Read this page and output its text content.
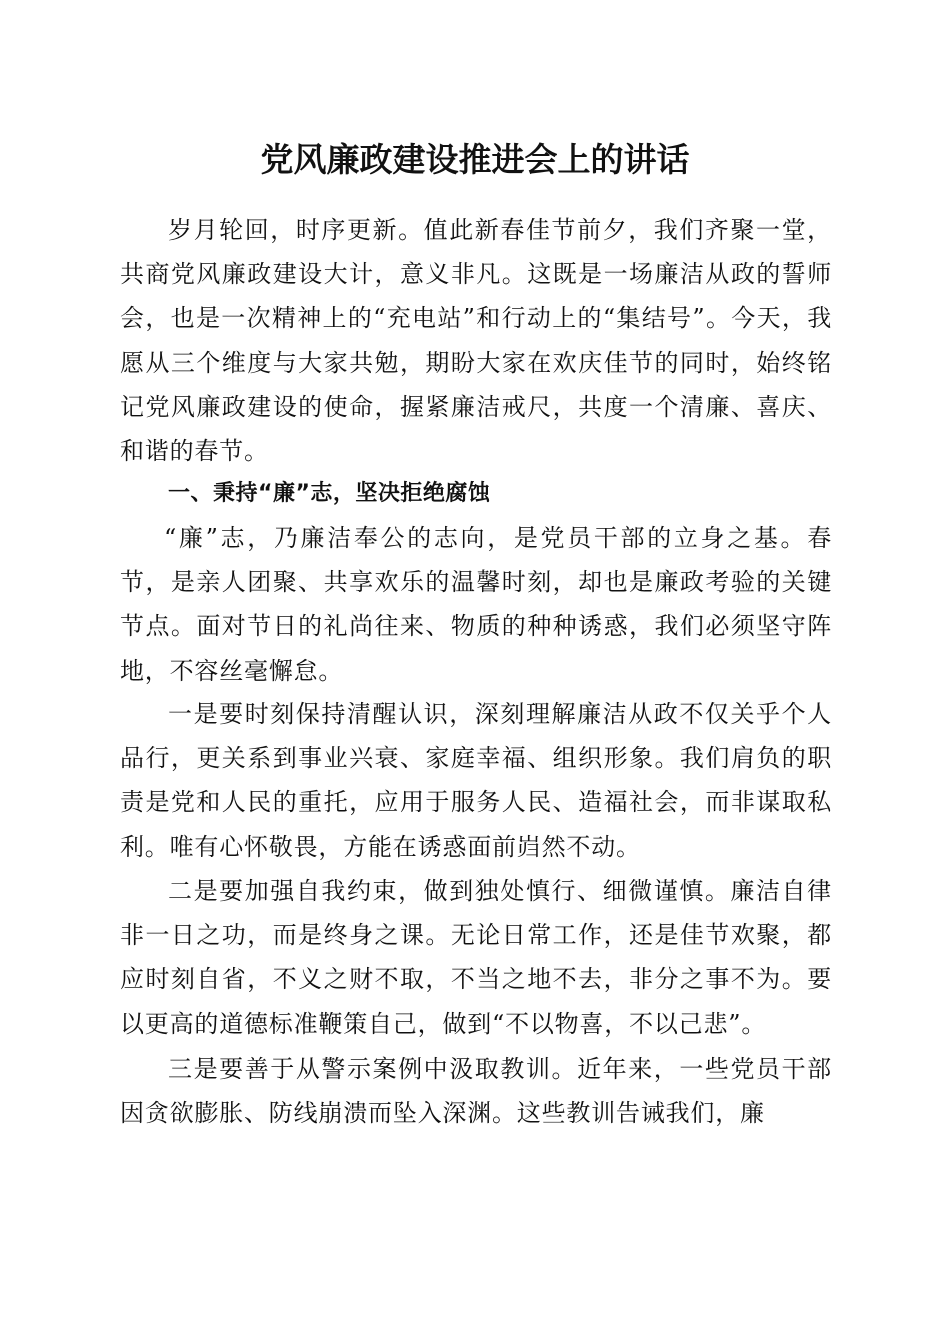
党风廉政建设推进会上的讲话
岁月轮回，时序更新。值此新春佳节前夕，我们齐聚一堂，共商党风廉政建设大计，意义非凡。这既是一场廉洁从政的誓师会，也是一次精神上的“充电站”和行动上的“集结号”。今天，我愿从三个维度与大家共勉，期盼大家在欢庆佳节的同时，始终铭记党风廉政建设的使命，握紧廉洁戒尺，共度一个清廉、喜庆、和谐的春节。
一、秉持“廉”志，坚决拒绝腐蚀
“廉”志，乃廉洁奉公的志向，是党员干部的立身之基。春节，是亲人团聚、共享欢乐的温馨时刻，却也是廉政考验的关键节点。面对节日的礼尚往来、物质的种种诱惑，我们必须坚守阵地，不容丝毫懈怠。
一是要时刻保持清醒认识，深刻理解廉洁从政不仅关乎个人品行，更关系到事业兴衰、家庭幸福、组织形象。我们肩负的职责是党和人民的重托，应用于服务人民、造福社会，而非谋取私利。唯有心怀敬畏，方能在诱惑面前岿然不动。
二是要加强自我约束，做到独处慎行、细微谨慎。廉洁自律非一日之功，而是终身之课。无论日常工作，还是佳节欢聚，都应时刻自省，不义之财不取，不当之地不去，非分之事不为。要以更高的道德标准鞭策自己，做到“不以物喜，不以己悲”。
三是要善于从警示案例中汲取教训。近年来，一些党员干部因贪欲膨胀、防线崩溃而坠入深渊。这些教训告诫我们，廉
